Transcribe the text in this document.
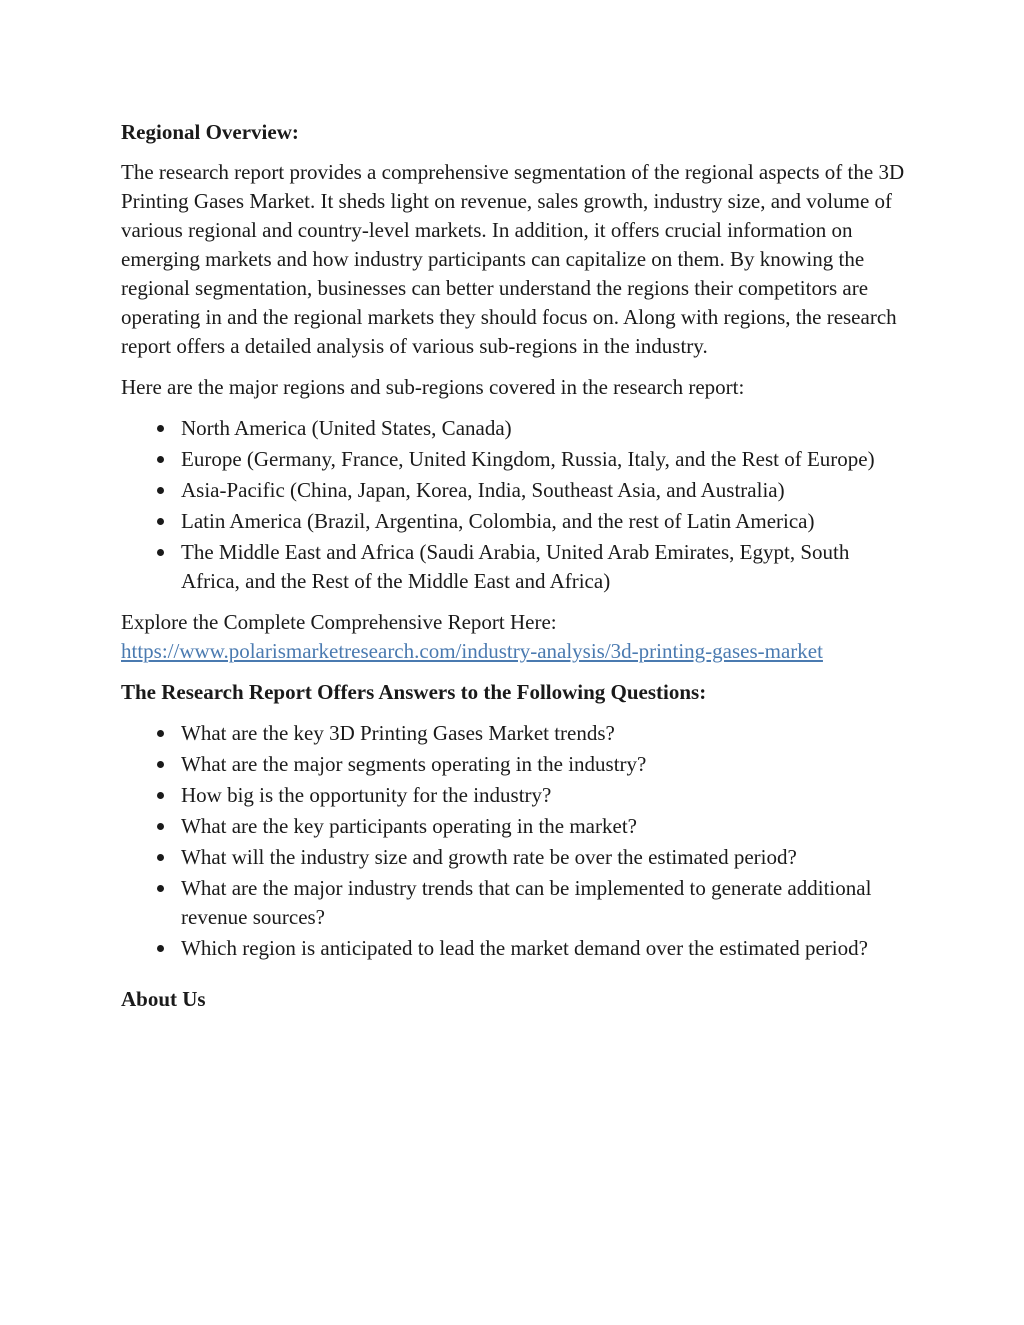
Regional Overview:

The research report provides a comprehensive segmentation of the regional aspects of the 3D Printing Gases Market. It sheds light on revenue, sales growth, industry size, and volume of various regional and country-level markets. In addition, it offers crucial information on emerging markets and how industry participants can capitalize on them. By knowing the regional segmentation, businesses can better understand the regions their competitors are operating in and the regional markets they should focus on. Along with regions, the research report offers a detailed analysis of various sub-regions in the industry.

Here are the major regions and sub-regions covered in the research report:

North America (United States, Canada)
Europe (Germany, France, United Kingdom, Russia, Italy, and the Rest of Europe)
Asia-Pacific (China, Japan, Korea, India, Southeast Asia, and Australia)
Latin America (Brazil, Argentina, Colombia, and the rest of Latin America)
The Middle East and Africa (Saudi Arabia, United Arab Emirates, Egypt, South Africa, and the Rest of the Middle East and Africa)

Explore the Complete Comprehensive Report Here:
https://www.polarismarketresearch.com/industry-analysis/3d-printing-gases-market

The Research Report Offers Answers to the Following Questions:

What are the key 3D Printing Gases Market trends?
What are the major segments operating in the industry?
How big is the opportunity for the industry?
What are the key participants operating in the market?
What will the industry size and growth rate be over the estimated period?
What are the major industry trends that can be implemented to generate additional revenue sources?
Which region is anticipated to lead the market demand over the estimated period?

About Us
